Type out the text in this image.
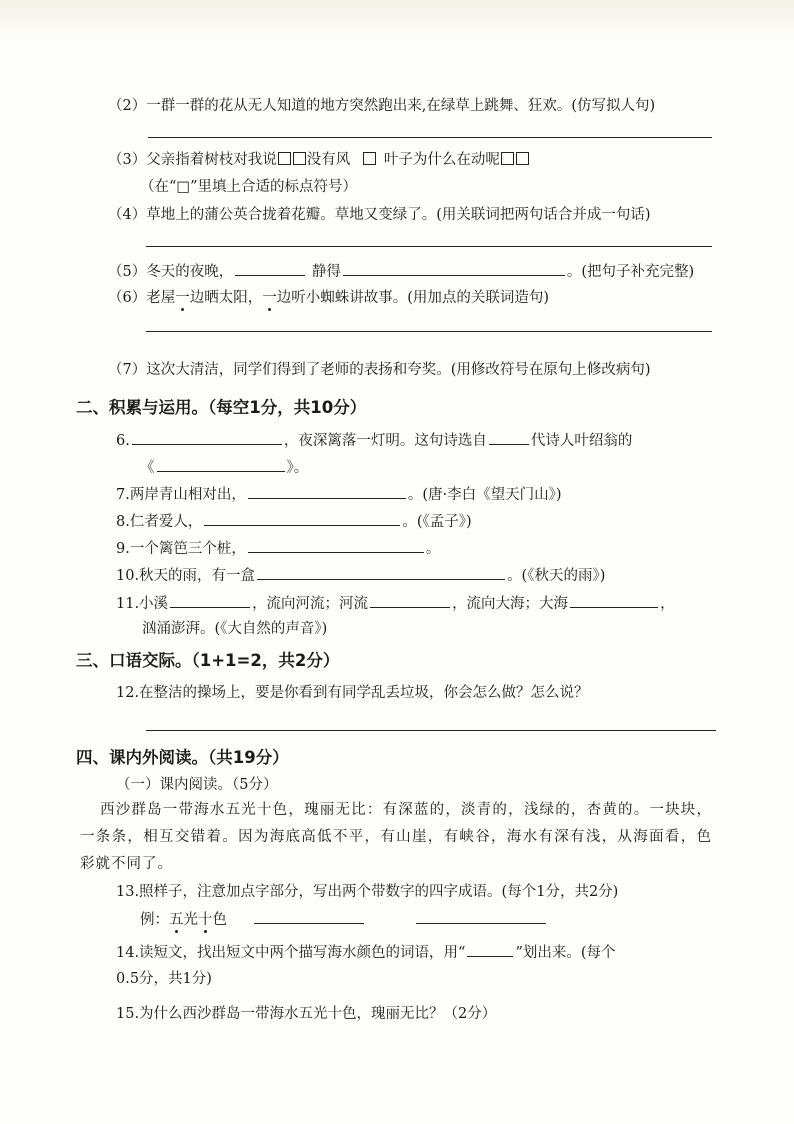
（2）一群一群的花从无人知道的地方突然跑出来,在绿草上跳舞、狂欢。(仿写拟人句)
（3）父亲指着树枝对我说 没有风 叶子为什么在动呢
（在“□”里填上合适的标点符号）
（4）草地上的蒲公英合拢着花瓣。草地又变绿了。(用关联词把两句话合并成一句话)
（5）冬天的夜晚，	静得	。(把句子补充完整)
（6）老屋一边晒太阳，一边听小蜘蛛讲故事。(用加点的关联词造句)
（7）这次大清洁，同学们得到了老师的表扬和夸奖。(用修改符号在原句上修改病句)
二、积累与运用。（每空1分，共10分）
6.	，夜深篱落一灯明。这句诗选自	代诗人叶绍翁的
《	》。
7.两岸青山相对出，	。(唐·李白《望天门山》)
8.仁者爱人，	。(《孟子》)
9.一个篱笆三个桩，	。
10.秋天的雨，有一盒	。(《秋天的雨》)
11.小溪	，流向河流；河流	，流向大海；大海	，
汹涌澎湃。(《大自然的声音》)
三、口语交际。（1+1=2，共2分）
12.在整洁的操场上，要是你看到有同学乱丢垃圾，你会怎么做？怎么说？
四、课内外阅读。（共19分）
（一）课内阅读。（5分）
西沙群岛一带海水五光十色，瑰丽无比：有深蓝的，淡青的，浅绿的，杏黄的。一块块，一条条，相互交错着。因为海底高低不平，有山崖，有峡谷，海水有深有浅，从海面看，色彩就不同了。
13.照样子，注意加点字部分，写出两个带数字的四字成语。(每个1分，共2分)
例：五光十色
14.读短文，找出短文中两个描写海水颜色的词语，用“	”划出来。(每个
0.5分，共1分)
15.为什么西沙群岛一带海水五光十色，瑰丽无比？（2分）
